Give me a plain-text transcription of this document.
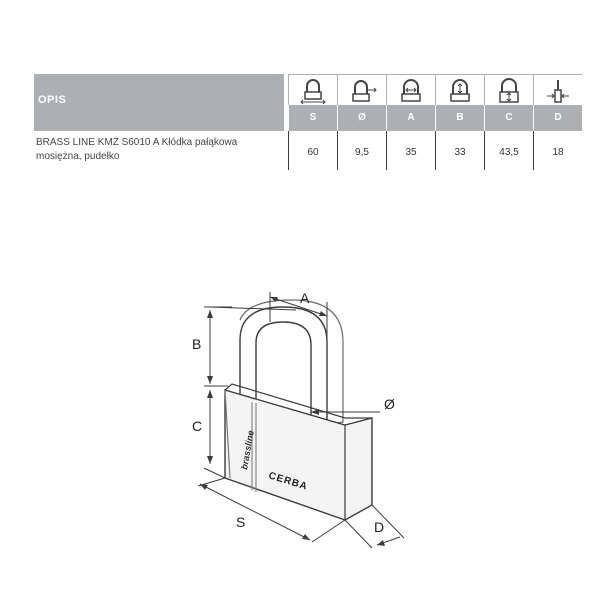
OPIS
S
60
Ø
9,5
A
35
B
33
C
43,5
D
18
BRASS LINE KMZ S6010 A Kłódka pałąkowa mosiężna, pudełko
brassline
CERBA
A
B
C
Ø
S	D
